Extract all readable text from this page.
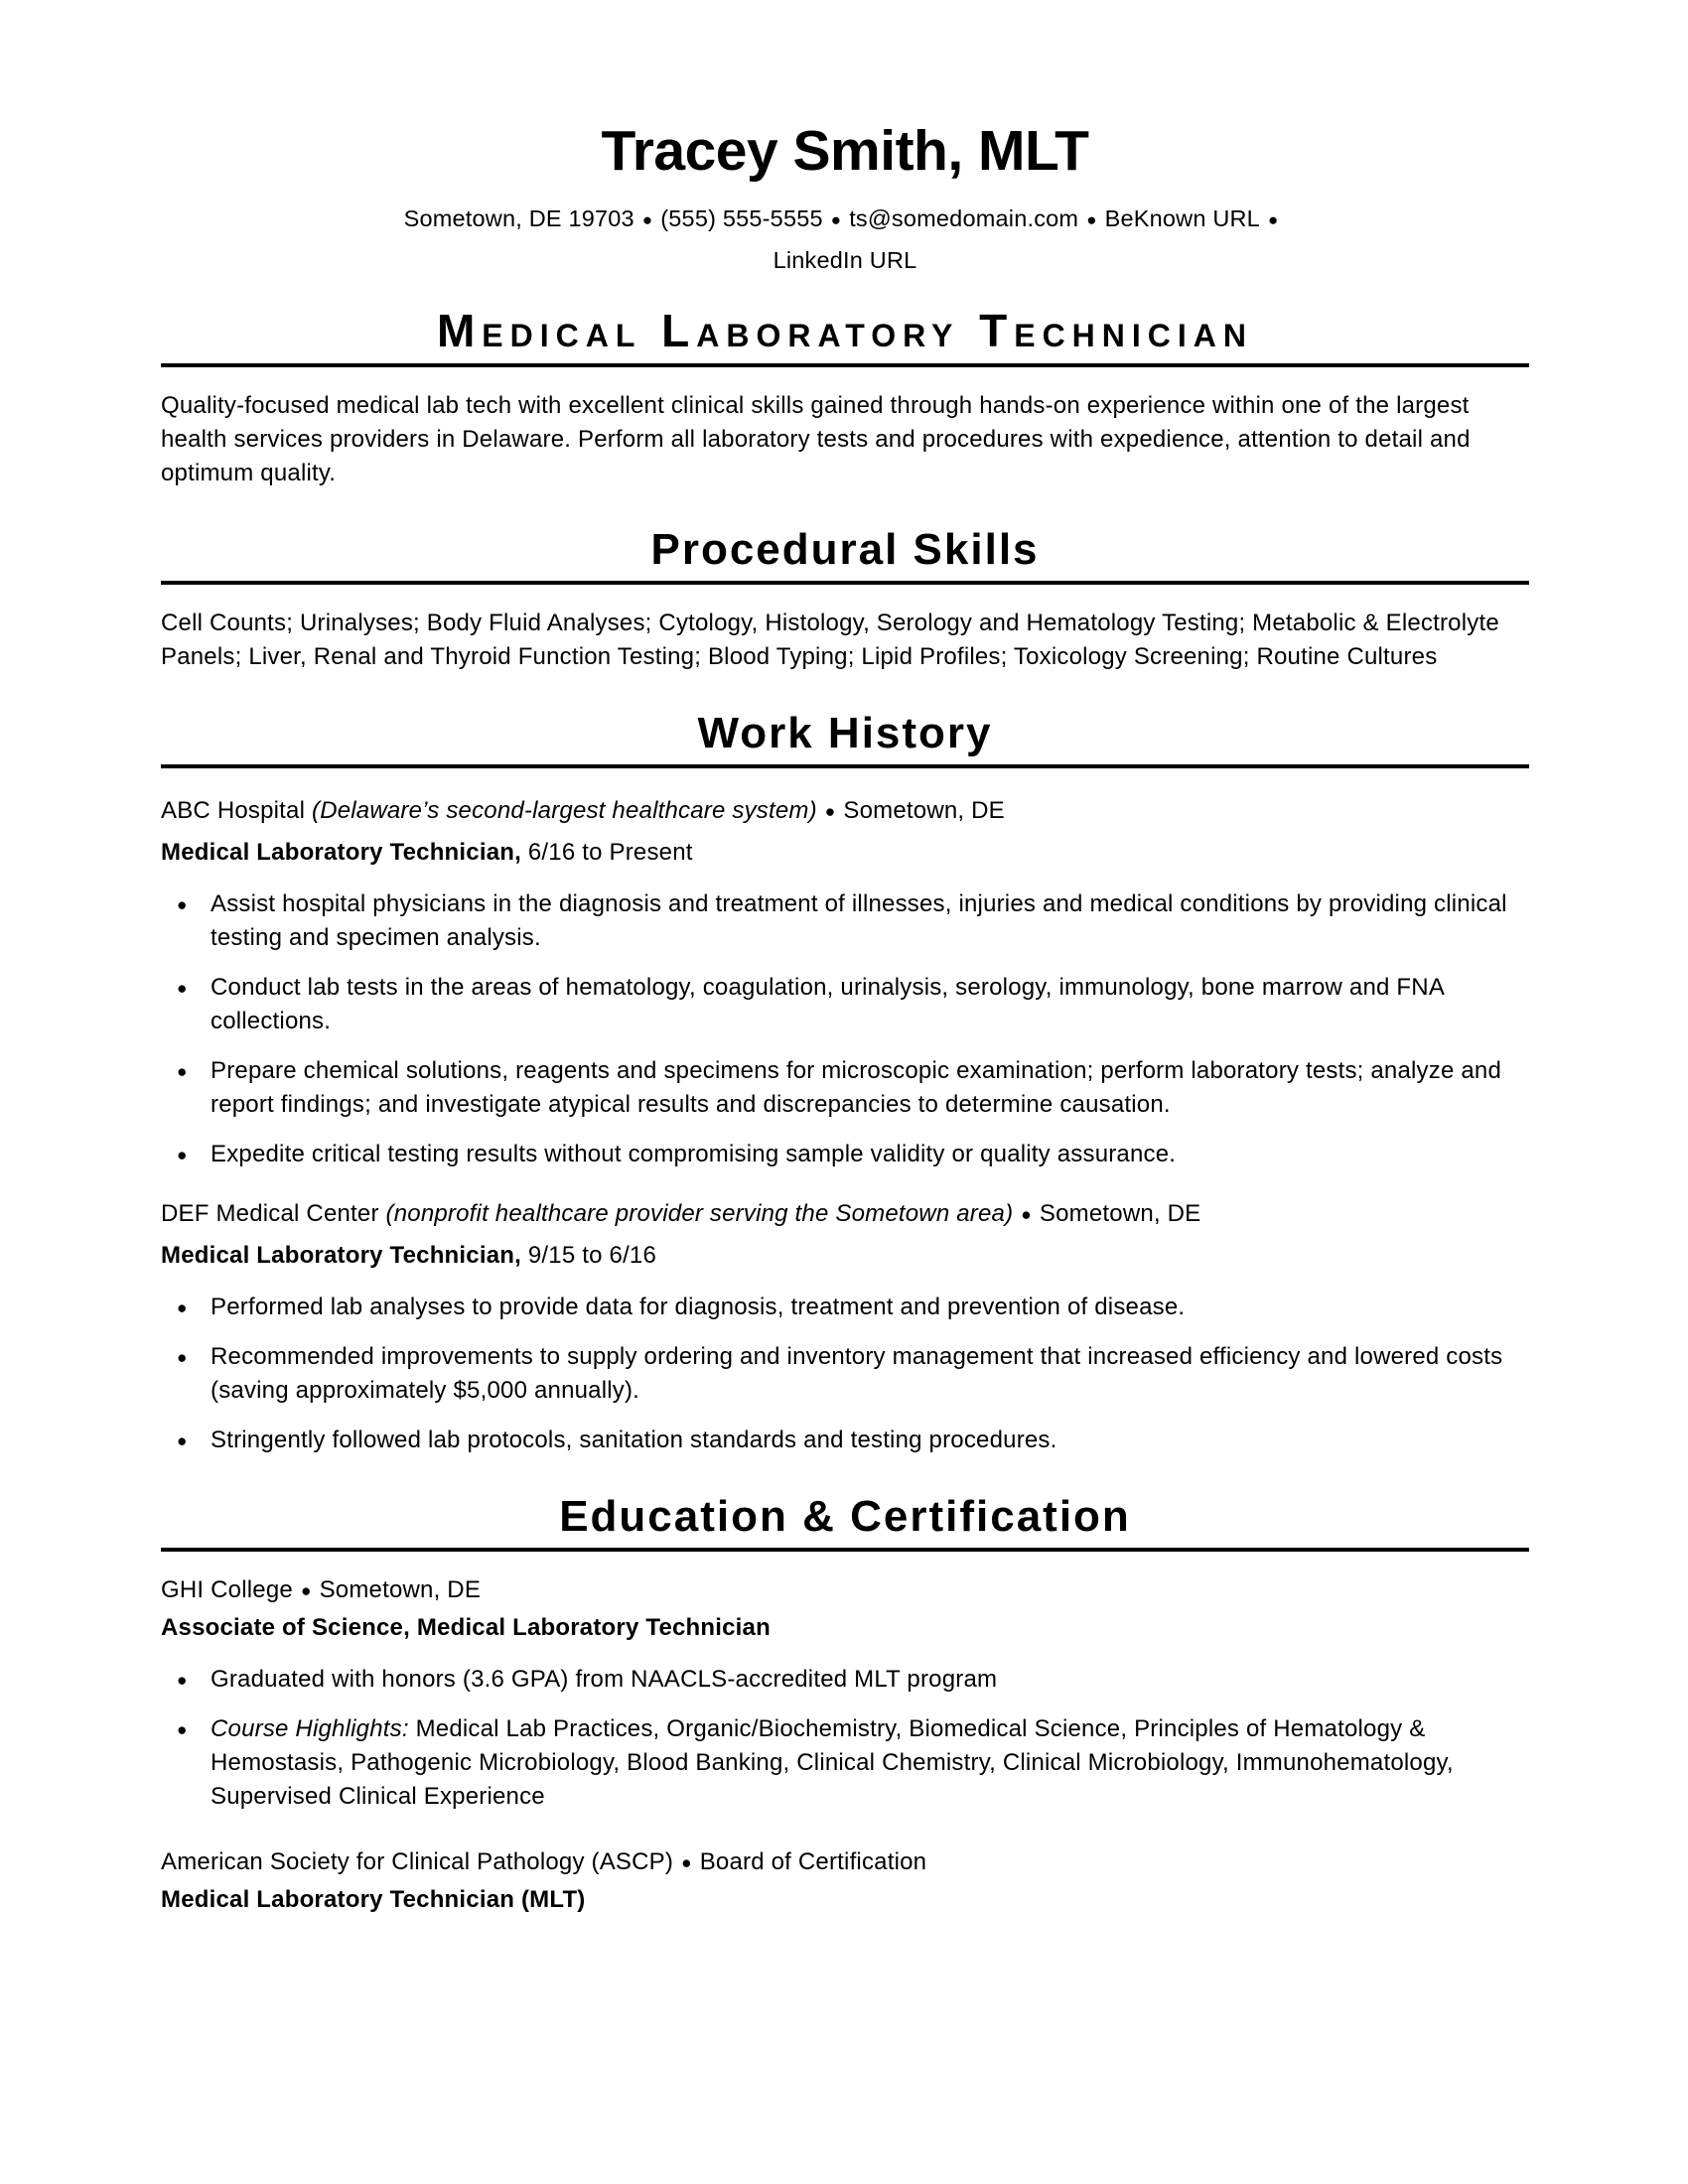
Tracey Smith, MLT
Sometown, DE 19703 ● (555) 555-5555 ● ts@somedomain.com ● BeKnown URL ●LinkedIn URL
Medical Laboratory Technician

Quality-focused medical lab tech with excellent clinical skills gained through hands-on experience within one of the largest health services providers in Delaware. Perform all laboratory tests and procedures with expedience, attention to detail and optimum quality.

Procedural Skills

Cell Counts; Urinalyses; Body Fluid Analyses; Cytology, Histology, Serology and Hematology Testing; Metabolic & Electrolyte Panels; Liver, Renal and Thyroid Function Testing; Blood Typing; Lipid Profiles; Toxicology Screening; Routine Cultures

Work History
ABC Hospital (Delaware’s second-largest healthcare system) ● Sometown, DE
Medical Laboratory Technician, 6/16 to Present
● Assist hospital physicians in the diagnosis and treatment of illnesses, injuries and medical conditions by providing clinical testing and specimen analysis.
● Conduct lab tests in the areas of hematology, coagulation, urinalysis, serology, immunology, bone marrow and FNA collections.
● Prepare chemical solutions, reagents and specimens for microscopic examination; perform laboratory tests; analyze and report findings; and investigate atypical results and discrepancies to determine causation.
● Expedite critical testing results without compromising sample validity or quality assurance.
DEF Medical Center (nonprofit healthcare provider serving the Sometown area) ● Sometown, DE
Medical Laboratory Technician, 9/15 to 6/16
● Performed lab analyses to provide data for diagnosis, treatment and prevention of disease.
● Recommended improvements to supply ordering and inventory management that increased efficiency and lowered costs (saving approximately $5,000 annually).
● Stringently followed lab protocols, sanitation standards and testing procedures.
Education & Certification
GHI College ● Sometown, DE
Associate of Science, Medical Laboratory Technician
● Graduated with honors (3.6 GPA) from NAACLS-accredited MLT program
● Course Highlights: Medical Lab Practices, Organic/Biochemistry, Biomedical Science, Principles of Hematology & Hemostasis, Pathogenic Microbiology, Blood Banking, Clinical Chemistry, Clinical Microbiology, Immunohematology, Supervised Clinical Experience
American Society for Clinical Pathology (ASCP) ● Board of Certification
Medical Laboratory Technician (MLT)
